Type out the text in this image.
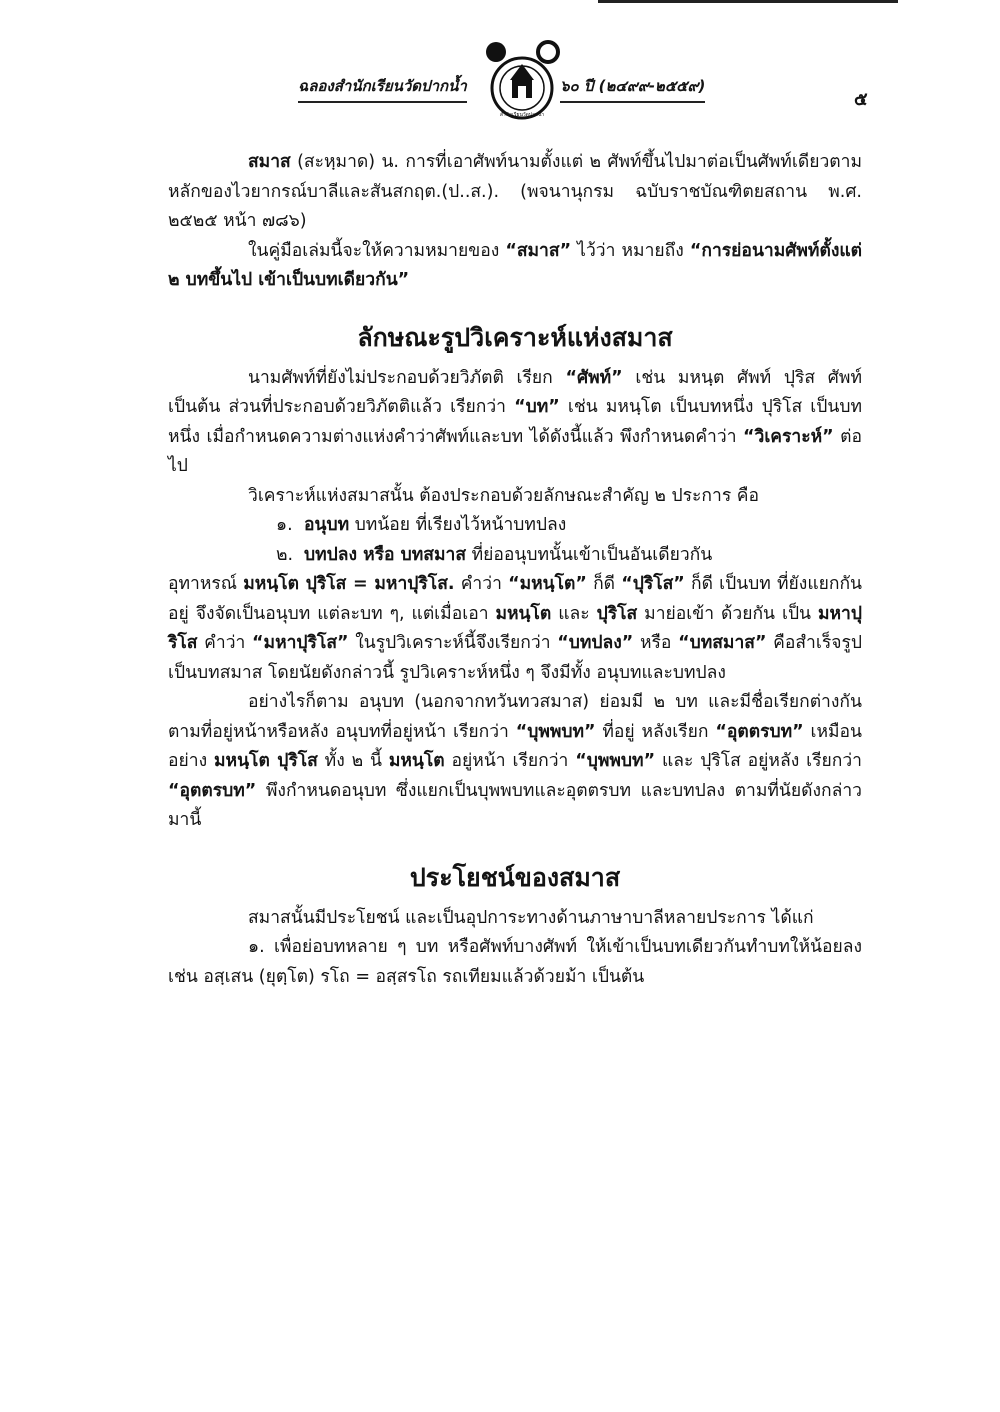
ฉลองสำนักเรียนวัดปากน้ำ
สำนักเรียนวัดปากน้ำ
๖๐ ปี (๒๔๙๙-๒๕๕๙)
๕

สมาส (สะหฺมาด) น. การที่เอาศัพท์นามตั้งแต่ ๒ ศัพท์ขึ้นไปมาต่อเป็นศัพท์เดียวตามหลักของไวยากรณ์บาลีและสันสกฤต.(ป..ส.). (พจนานุกรม ฉบับราชบัณฑิตยสถาน พ.ศ. ๒๕๒๕ หน้า ๗๘๖)

ในคู่มือเล่มนี้จะให้ความหมายของ “สมาส” ไว้ว่า หมายถึง “การย่อนามศัพท์ตั้งแต่ ๒ บทขึ้นไป เข้าเป็นบทเดียวกัน”

ลักษณะรูปวิเคราะห์แห่งสมาส

นามศัพท์ที่ยังไม่ประกอบด้วยวิภัตติ เรียก “ศัพท์” เช่น มหนฺต ศัพท์ ปุริส ศัพท์ เป็นต้น ส่วนที่ประกอบด้วยวิภัตติแล้ว เรียกว่า “บท” เช่น มหนฺโต เป็นบทหนึ่ง ปุริโส เป็นบทหนึ่ง เมื่อกำหนดความต่างแห่งคำว่าศัพท์และบท ได้ดังนี้แล้ว พึงกำหนดคำว่า “วิเคราะห์” ต่อไป

วิเคราะห์แห่งสมาสนั้น ต้องประกอบด้วยลักษณะสำคัญ ๒ ประการ คือ

๑. อนุบท บทน้อย ที่เรียงไว้หน้าบทปลง

๒. บทปลง หรือ บทสมาส ที่ย่ออนุบทนั้นเข้าเป็นอันเดียวกัน

อุทาหรณ์ มหนฺโต ปุริโส = มหาปุริโส. คำว่า “มหนฺโต” ก็ดี “ปุริโส” ก็ดี เป็นบท ที่ยังแยกกันอยู่ จึงจัดเป็นอนุบท แต่ละบท ๆ, แต่เมื่อเอา มหนฺโต และ ปุริโส มาย่อเข้า ด้วยกัน เป็น มหาปุริโส คำว่า “มหาปุริโส” ในรูปวิเคราะห์นี้จึงเรียกว่า “บทปลง” หรือ “บทสมาส” คือสำเร็จรูปเป็นบทสมาส โดยนัยดังกล่าวนี้ รูปวิเคราะห์หนึ่ง ๆ จึงมีทั้ง อนุบทและบทปลง

อย่างไรก็ตาม อนุบท (นอกจากทวันทวสมาส) ย่อมมี ๒ บท และมีชื่อเรียกต่างกัน ตามที่อยู่หน้าหรือหลัง อนุบทที่อยู่หน้า เรียกว่า “บุพพบท” ที่อยู่ หลังเรียก “อุตตรบท” เหมือนอย่าง มหนฺโต ปุริโส ทั้ง ๒ นี้ มหนฺโต อยู่หน้า เรียกว่า “บุพพบท” และ ปุริโส อยู่หลัง เรียกว่า “อุตตรบท” พึงกำหนดอนุบท ซึ่งแยกเป็นบุพพบทและอุตตรบท และบทปลง ตามที่นัยดังกล่าวมานี้

ประโยชน์ของสมาส

สมาสนั้นมีประโยชน์ และเป็นอุปการะทางด้านภาษาบาลีหลายประการ ได้แก่

๑. เพื่อย่อบทหลาย ๆ บท หรือศัพท์บางศัพท์ ให้เข้าเป็นบทเดียวกันทำบทให้น้อยลง เช่น อสฺเสน (ยุตฺโต) รโถ = อสฺสรโถ รถเทียมแล้วด้วยม้า เป็นต้น
